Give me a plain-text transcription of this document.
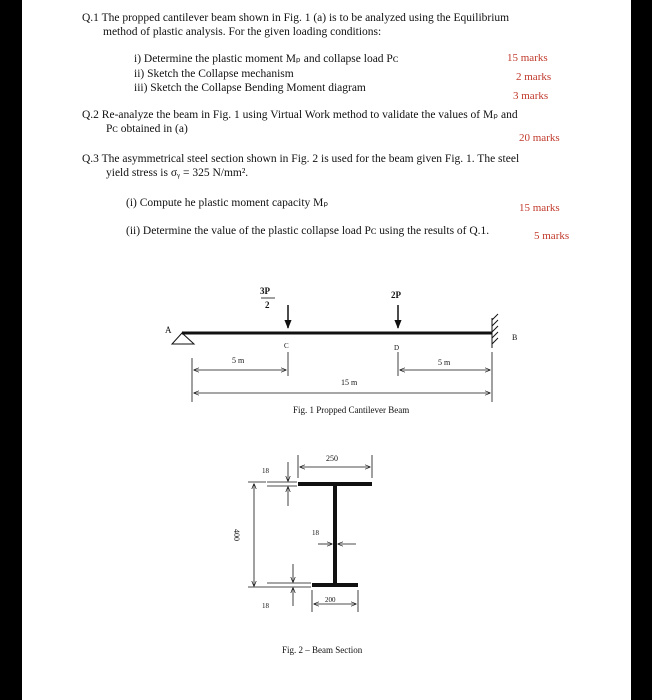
Q.1 The propped cantilever beam shown in Fig. 1 (a) is to be analyzed using the Equilibrium
method of plastic analysis. For the given loading conditions:
i) Determine the plastic moment Mₚ and collapse load Pᴄ	15 marks
ii) Sketch the Collapse mechanism	2 marks
iii) Sketch the Collapse Bending Moment diagram
3 marks
Q.2 Re-analyze the beam in Fig. 1 using Virtual Work method to validate the values of Mₚ and
Pᴄ obtained in (a)
20 marks
Q.3 The asymmetrical steel section shown in Fig. 2 is used for the beam given Fig. 1. The steel
yield stress is σᵧ = 325 N/mm².
(i) Compute he plastic moment capacity Mₚ	15 marks
(ii) Determine the value of the plastic collapse load Pᴄ using the results of Q.1.	5 marks
3P
2
2P
A
B
C	D
5 m	5 m
15 m
Fig. 1 Propped Cantilever Beam
250
18
18
400
18
200
Fig. 2 – Beam Section
